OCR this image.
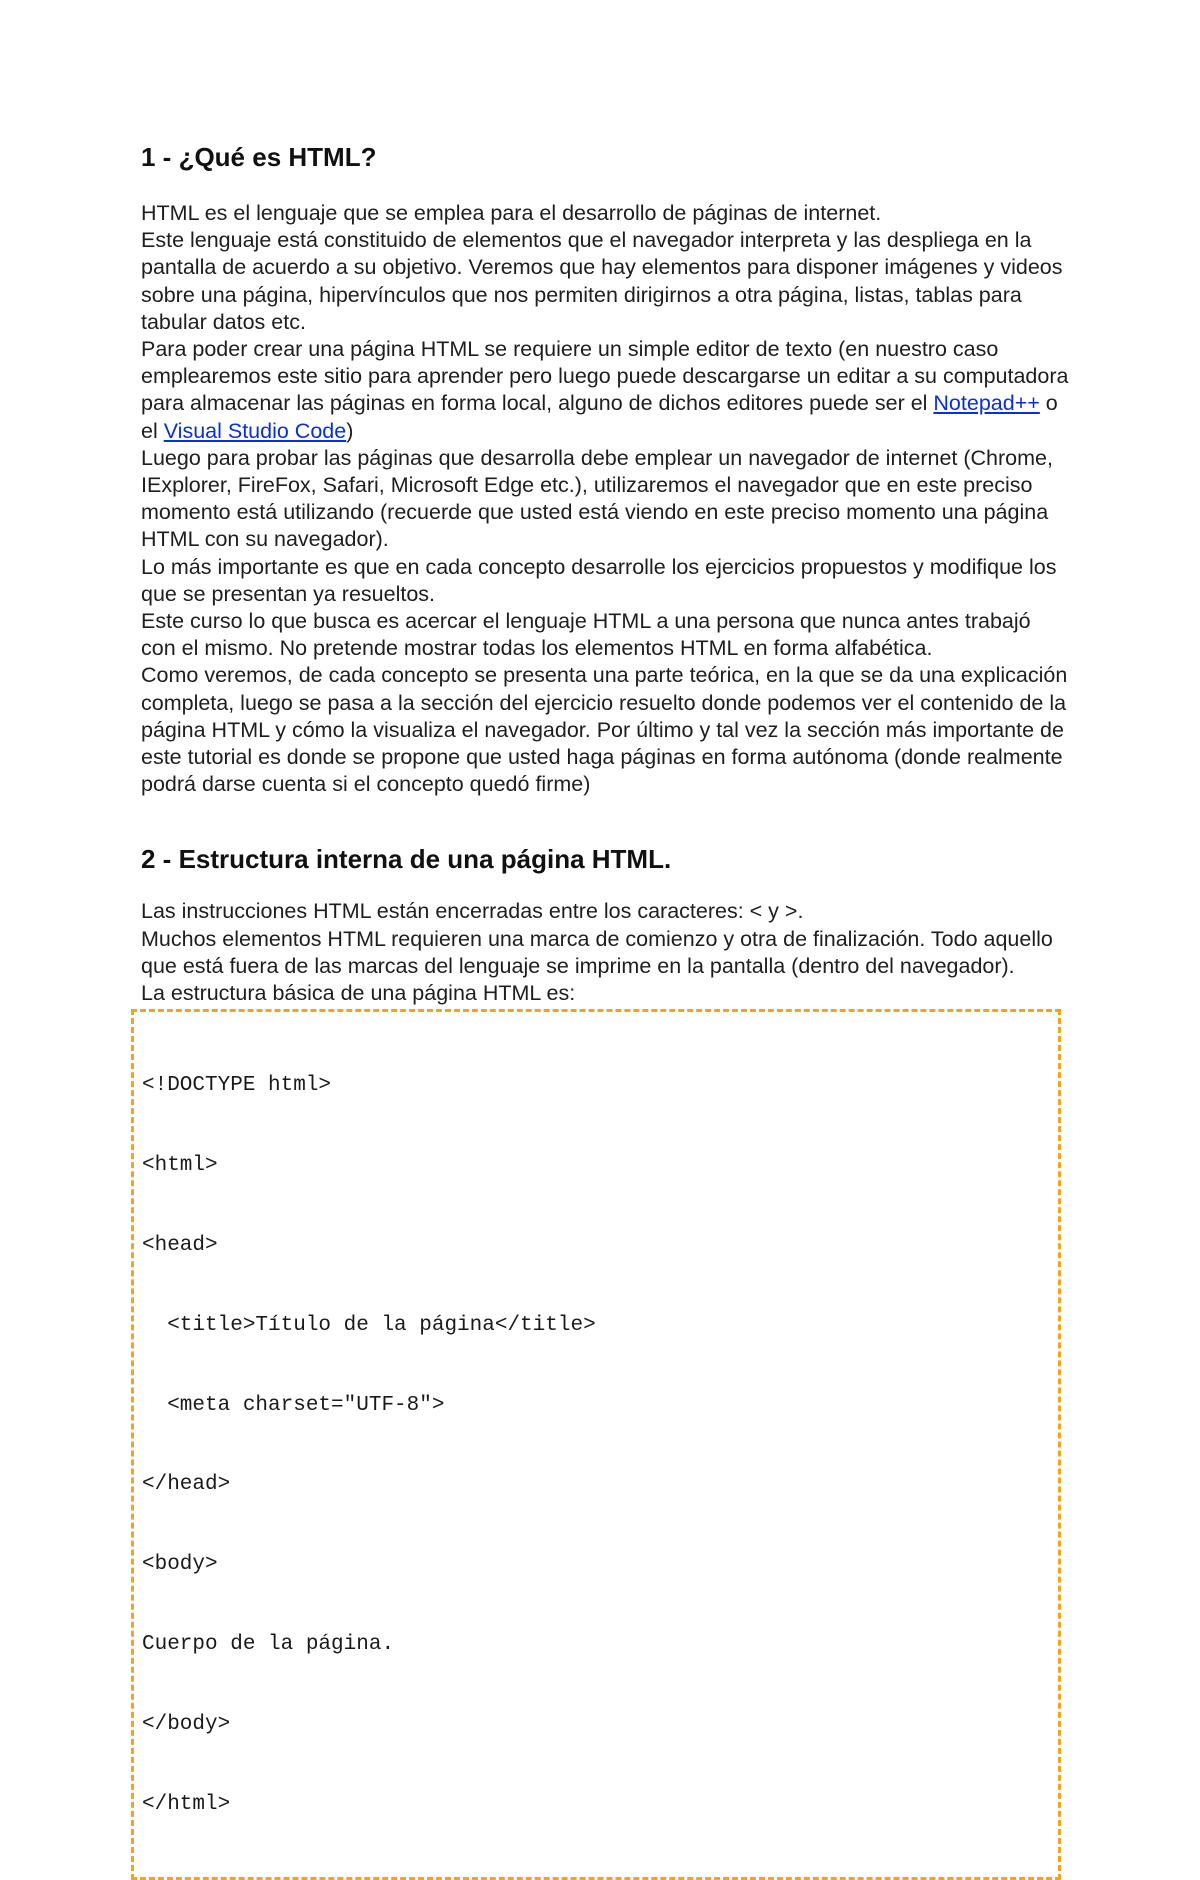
1 - ¿Qué es HTML?

HTML es el lenguaje que se emplea para el desarrollo de páginas de internet.

Este lenguaje está constituido de elementos que el navegador interpreta y las despliega en la pantalla de acuerdo a su objetivo. Veremos que hay elementos para disponer imágenes y videos sobre una página, hipervínculos que nos permiten dirigirnos a otra página, listas, tablas para tabular datos etc.

Para poder crear una página HTML se requiere un simple editor de texto (en nuestro caso emplearemos este sitio para aprender pero luego puede descargarse un editar a su computadora para almacenar las páginas en forma local, alguno de dichos editores puede ser el Notepad++ o el Visual Studio Code)

Luego para probar las páginas que desarrolla debe emplear un navegador de internet (Chrome, IExplorer, FireFox, Safari, Microsoft Edge etc.), utilizaremos el navegador que en este preciso momento está utilizando (recuerde que usted está viendo en este preciso momento una página HTML con su navegador).

Lo más importante es que en cada concepto desarrolle los ejercicios propuestos y modifique los que se presentan ya resueltos.

Este curso lo que busca es acercar el lenguaje HTML a una persona que nunca antes trabajó con el mismo. No pretende mostrar todas los elementos HTML en forma alfabética.

Como veremos, de cada concepto se presenta una parte teórica, en la que se da una explicación completa, luego se pasa a la sección del ejercicio resuelto donde podemos ver el contenido de la página HTML y cómo la visualiza el navegador. Por último y tal vez la sección más importante de este tutorial es donde se propone que usted haga páginas en forma autónoma (donde realmente podrá darse cuenta si el concepto quedó firme)

2 - Estructura interna de una página HTML.

Las instrucciones HTML están encerradas entre los caracteres: < y >.

Muchos elementos HTML requieren una marca de comienzo y otra de finalización. Todo aquello que está fuera de las marcas del lenguaje se imprime en la pantalla (dentro del navegador).

La estructura básica de una página HTML es:

<!DOCTYPE html>

<html>

<head>

<title>Título de la página</title>

<meta charset="UTF-8">

</head>

<body>

Cuerpo de la página.

</body>

</html>
